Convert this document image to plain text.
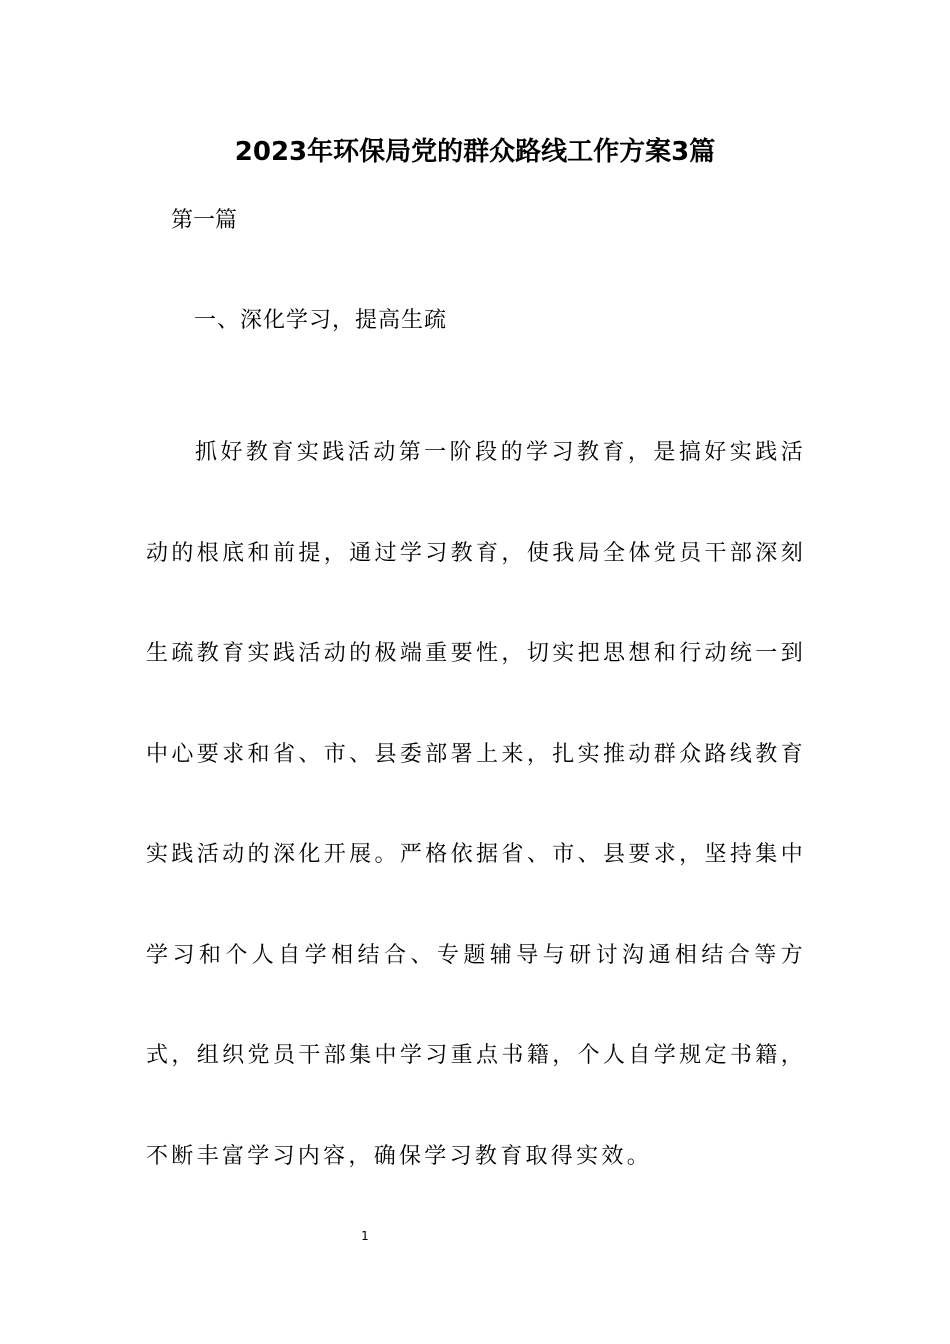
2023年环保局党的群众路线工作方案3篇
第一篇
一、深化学习，提高生疏

抓好教育实践活动第一阶段的学习教育，是搞好实践活动的根底和前提，通过学习教育，使我局全体党员干部深刻生疏教育实践活动的极端重要性，切实把思想和行动统一到中心要求和省、市、县委部署上来，扎实推动群众路线教育实践活动的深化开展。严格依据省、市、县要求，坚持集中学习和个人自学相结合、专题辅导与研讨沟通相结合等方式，组织党员干部集中学习重点书籍，个人自学规定书籍，不断丰富学习内容，确保学习教育取得实效。

1
